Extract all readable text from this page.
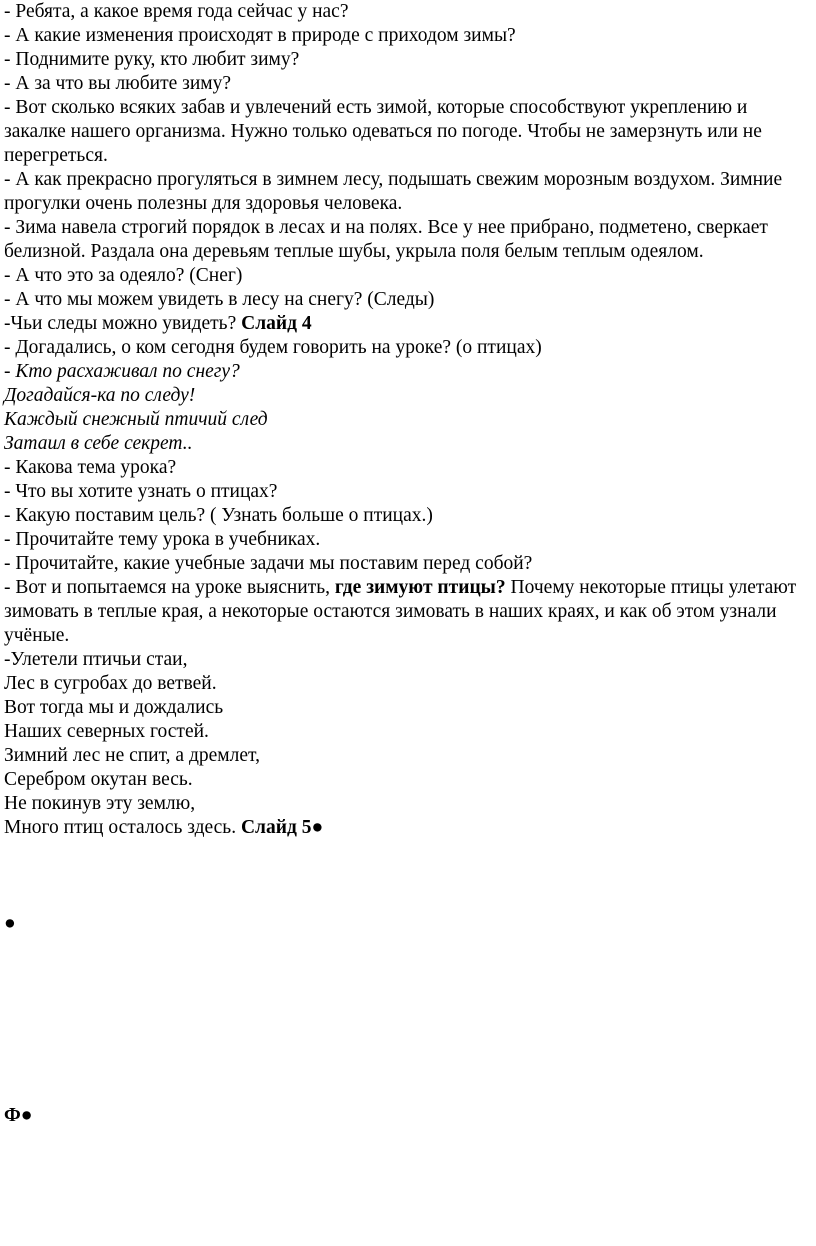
- Ребята, а какое время года сейчас у нас?

- А какие изменения происходят в природе с приходом зимы?

- Поднимите руку, кто любит зиму?

- А за что вы любите зиму?

- Вот сколько всяких забав и увлечений есть зимой, которые способствуют укреплению и закалке нашего организма. Нужно только одеваться по погоде. Чтобы не замерзнуть или не перегреться.

- А как прекрасно прогуляться в зимнем лесу, подышать свежим морозным воздухом. Зимние прогулки очень полезны для здоровья человека.

- Зима навела строгий порядок в лесах и на полях. Все у нее прибрано, подметено, сверкает белизной. Раздала она деревьям теплые шубы, укрыла поля белым теплым одеялом.

- А что это за одеяло? (Снег)

- А что мы можем увидеть в лесу на снегу? (Следы)

-Чьи следы можно увидеть? Слайд 4

- Догадались, о ком сегодня будем говорить на уроке? (о птицах)

- Кто расхаживал по снегу?

Догадайся-ка по следу!

Каждый снежный птичий след

Затаил в себе секрет..

- Какова тема урока?

- Что вы хотите узнать о птицах?

- Какую поставим цель? ( Узнать больше о птицах.)

- Прочитайте тему урока в учебниках.

- Прочитайте, какие учебные задачи мы поставим перед собой?

- Вот и попытаемся на уроке выяснить, где зимуют птицы? Почему некоторые птицы улетают зимовать в теплые края, а некоторые остаются зимовать в наших краях, и как об этом узнали учёные.

-Улетели птичьи стаи,

Лес в сугробах до ветвей.

Вот тогда мы и дождались

Наших северных гостей.

Зимний лес не спит, а дремлет,

Серебром окутан весь.

Не покинув эту землю,

Много птиц осталось здесь. Слайд 5●

●

Ф●
